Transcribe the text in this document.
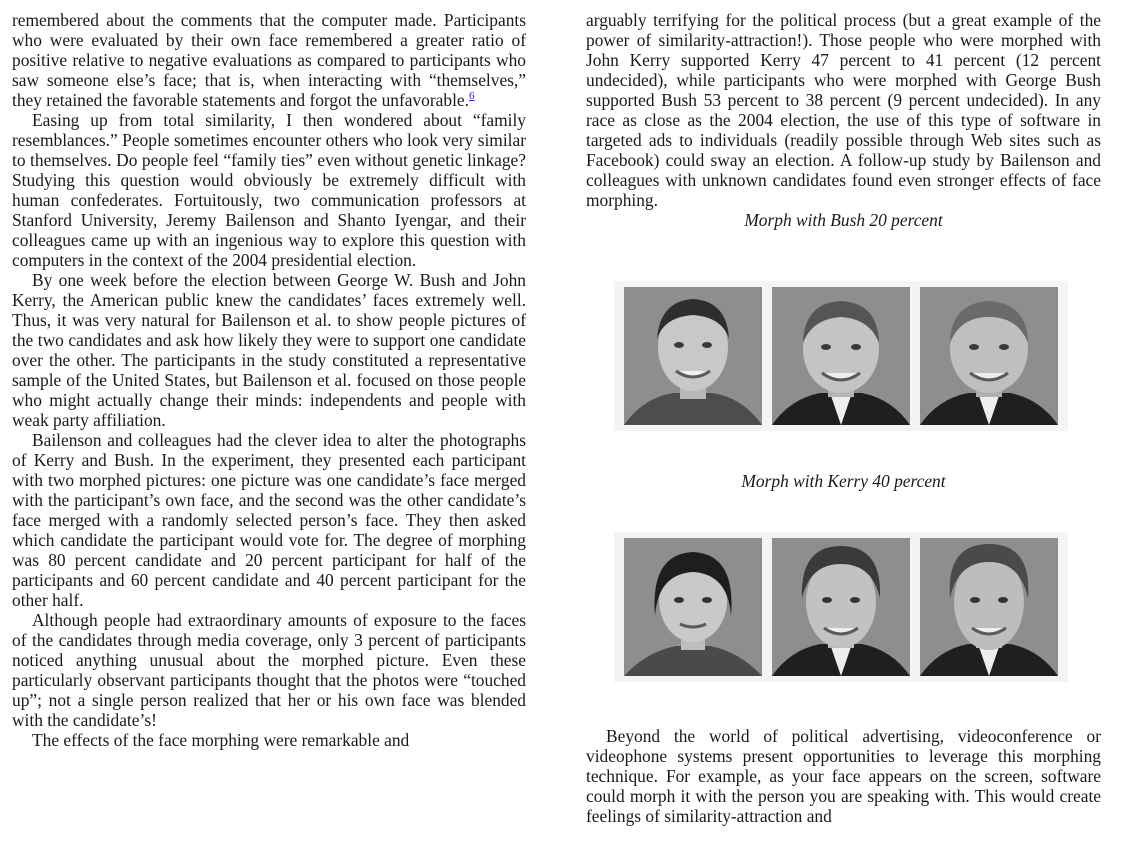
remembered about the comments that the computer made. Participants who were evaluated by their own face remembered a greater ratio of positive relative to negative evaluations as compared to participants who saw someone else’s face; that is, when interacting with “themselves,” they retained the favorable statements and forgot the unfavorable.$^6$

Easing up from total similarity, I then wondered about “family resemblances.” People sometimes encounter others who look very similar to themselves. Do people feel “family ties” even without genetic linkage? Studying this question would obviously be extremely difficult with human confederates. Fortuitously, two communication professors at Stanford University, Jeremy Bailenson and Shanto Iyengar, and their colleagues came up with an ingenious way to explore this question with computers in the context of the 2004 presidential election.

By one week before the election between George W. Bush and John Kerry, the American public knew the candidates’ faces extremely well. Thus, it was very natural for Bailenson et al. to show people pictures of the two candidates and ask how likely they were to support one candidate over the other. The participants in the study constituted a representative sample of the United States, but Bailenson et al. focused on those people who might actually change their minds: independents and people with weak party affiliation.

Bailenson and colleagues had the clever idea to alter the photographs of Kerry and Bush. In the experiment, they presented each participant with two morphed pictures: one picture was one candidate’s face merged with the participant’s own face, and the second was the other candidate’s face merged with a randomly selected person’s face. They then asked which candidate the participant would vote for. The degree of morphing was 80 percent candidate and 20 percent participant for half of the participants and 60 percent candidate and 40 percent participant for the other half.

Although people had extraordinary amounts of exposure to the faces of the candidates through media coverage, only 3 percent of participants noticed anything unusual about the morphed picture. Even these particularly observant participants thought that the photos were “touched up”; not a single person realized that her or his own face was blended with the candidate’s!

The effects of the face morphing were remarkable and

arguably terrifying for the political process (but a great example of the power of similarity-attraction!). Those people who were morphed with John Kerry supported Kerry 47 percent to 41 percent (12 percent undecided), while participants who were morphed with George Bush supported Bush 53 percent to 38 percent (9 percent undecided). In any race as close as the 2004 election, the use of this type of software in targeted ads to individuals (readily possible through Web sites such as Facebook) could sway an election. A follow-up study by Bailenson and colleagues with unknown candidates found even stronger effects of face morphing.

Morph with Bush 20 percent

Morph with Kerry 40 percent

Beyond the world of political advertising, videoconference or videophone systems present opportunities to leverage this morphing technique. For example, as your face appears on the screen, software could morph it with the person you are speaking with. This would create feelings of similarity-attraction and
